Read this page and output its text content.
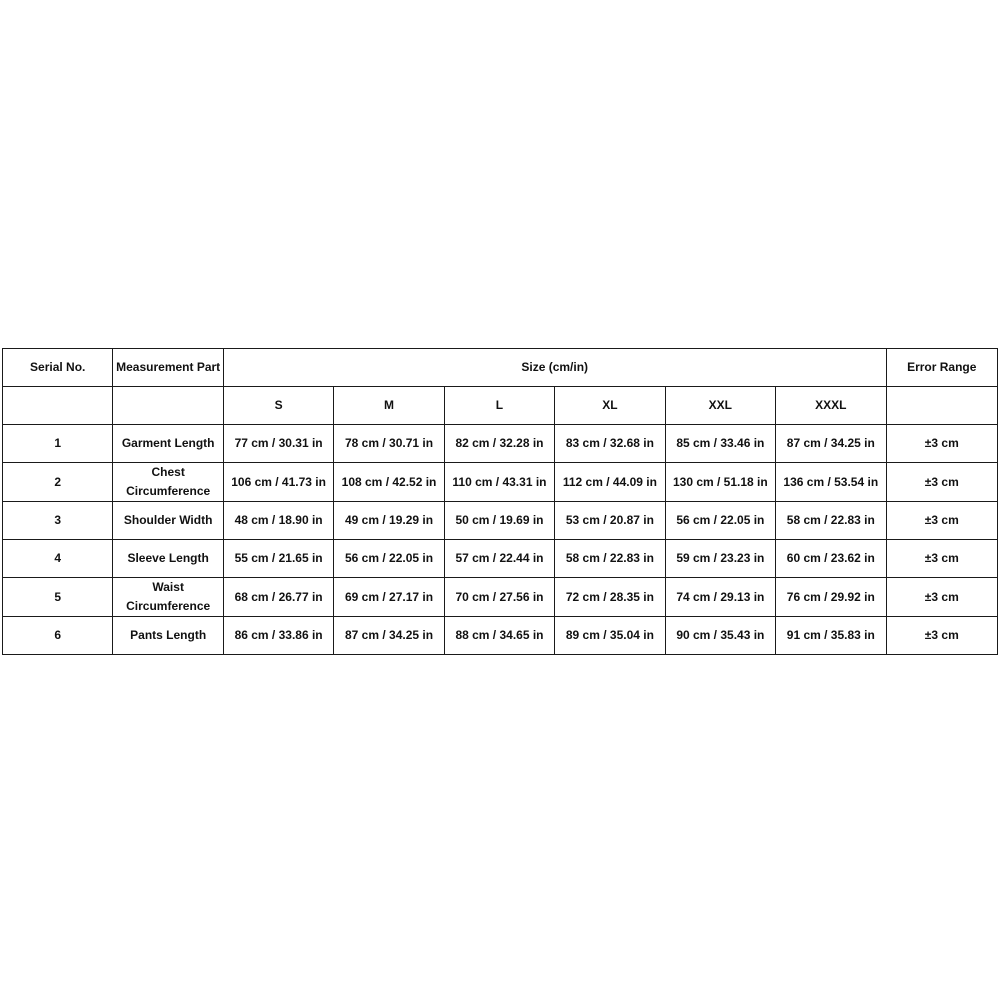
Serial No.	Measurement Part	Size (cm/in)						Error Range
		S	M	L	XL	XXL	XXXL	
1	Garment Length	77 cm / 30.31 in	78 cm / 30.71 in	82 cm / 32.28 in	83 cm / 32.68 in	85 cm / 33.46 in	87 cm / 34.25 in	±3 cm
2	Chest Circumference	106 cm / 41.73 in	108 cm / 42.52 in	110 cm / 43.31 in	112 cm / 44.09 in	130 cm / 51.18 in	136 cm / 53.54 in	±3 cm
3	Shoulder Width	48 cm / 18.90 in	49 cm / 19.29 in	50 cm / 19.69 in	53 cm / 20.87 in	56 cm / 22.05 in	58 cm / 22.83 in	±3 cm
4	Sleeve Length	55 cm / 21.65 in	56 cm / 22.05 in	57 cm / 22.44 in	58 cm / 22.83 in	59 cm / 23.23 in	60 cm / 23.62 in	±3 cm
5	Waist Circumference	68 cm / 26.77 in	69 cm / 27.17 in	70 cm / 27.56 in	72 cm / 28.35 in	74 cm / 29.13 in	76 cm / 29.92 in	±3 cm
6	Pants Length	86 cm / 33.86 in	87 cm / 34.25 in	88 cm / 34.65 in	89 cm / 35.04 in	90 cm / 35.43 in	91 cm / 35.83 in	±3 cm
